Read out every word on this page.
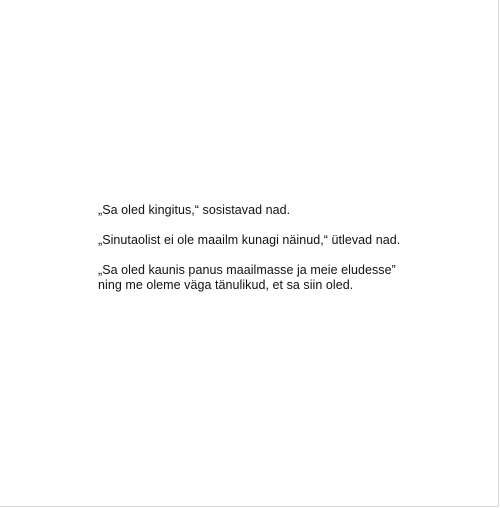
„Sa oled kingitus,“ sosistavad nad.

„Sinutaolist ei ole maailm kunagi näinud,“ ütlevad nad.

„Sa oled kaunis panus maailmasse ja meie eludesse”
ning me oleme väga tänulikud, et sa siin oled.
